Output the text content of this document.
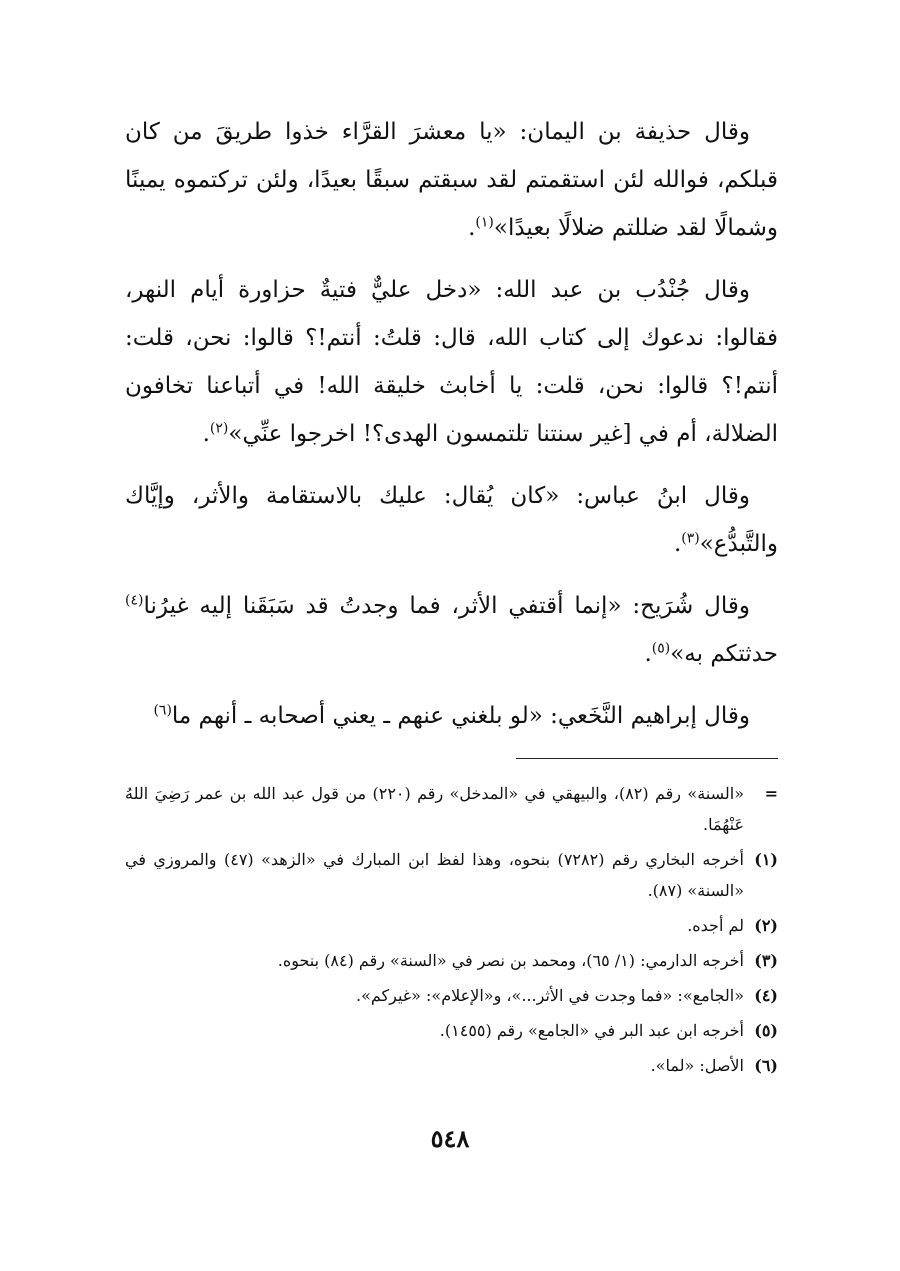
وقال حذيفة بن اليمان: «يا معشرَ القرَّاء خذوا طريقَ من كان قبلكم، فوالله لئن استقمتم لقد سبقتم سبقًا بعيدًا، ولئن تركتموه يمينًا وشمالًا لقد ضللتم ضلالًا بعيدًا»$^{(١)}$.

وقال جُنْدُب بن عبد الله: «دخل عليٌّ فتيةٌ حزاورة أيام النهر، فقالوا: ندعوك إلى كتاب الله، قال: قلتُ: أنتم!؟ قالوا: نحن، قلت: أنتم!؟ قالوا: نحن، قلت: يا أخابث خليقة الله! في أتباعنا تخافون الضلالة، أم في [غير سنتنا تلتمسون الهدى؟! اخرجوا عنِّي»$^{(٢)}$.

وقال ابنُ عباس: «كان يُقال: عليك بالاستقامة والأثر، وإيَّاك والتَّبدُّع»$^{(٣)}$.

وقال شُرَيح: «إنما أقتفي الأثر، فما وجدتُ قد سَبَقَنا إليه غيرُنا$^{(٤)}$ حدثتكم به»$^{(٥)}$.

وقال إبراهيم النَّخَعي: «لو بلغني عنهم ـ يعني أصحابه ـ أنهم ما$^{(٦)}$

=
«السنة» رقم (٨٢)، والبيهقي في «المدخل» رقم (٢٢٠) من قول عبد الله بن عمر رَضِيَ اللهُ عَنْهُمَا.
(١)
أخرجه البخاري رقم (٧٢٨٢) بنحوه، وهذا لفظ ابن المبارك في «الزهد» (٤٧) والمروزي في «السنة» (٨٧).
(٢)
لم أجده.
(٣)
أخرجه الدارمي: (١/ ٦٥)، ومحمد بن نصر في «السنة» رقم (٨٤) بنحوه.
(٤)
«الجامع»: «فما وجدت في الأثر...»، و«الإعلام»: «غيركم».
(٥)
أخرجه ابن عبد البر في «الجامع» رقم (١٤٥٥).
(٦)
الأصل: «لما».
٥٤٨
